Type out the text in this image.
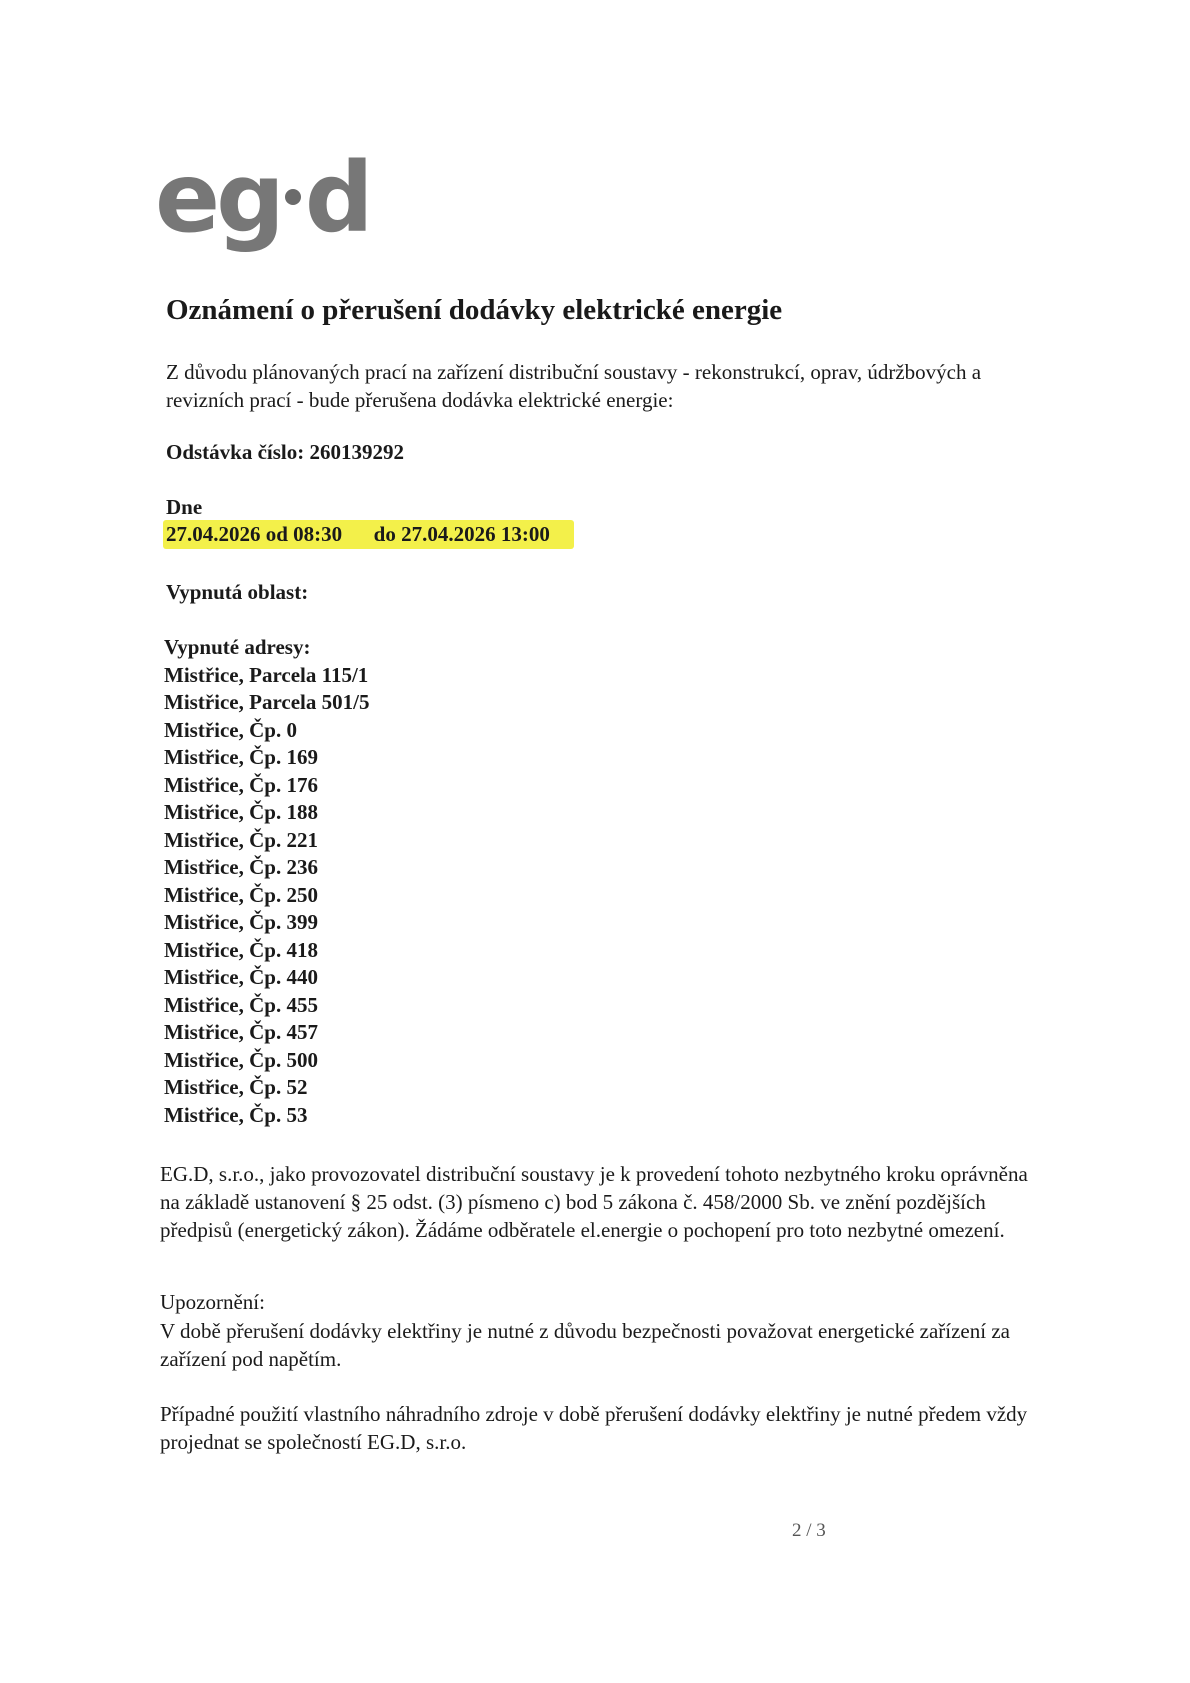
eg d
Oznámení o přerušení dodávky elektrické energie

Z důvodu plánovaných prací na zařízení distribuční soustavy - rekonstrukcí, oprav, údržbových a revizních prací - bude přerušena dodávka elektrické energie:

Odstávka číslo: 260139292

Dne

27.04.2026 od 08:30      do 27.04.2026 13:00

Vypnutá oblast:

Vypnuté adresy:
Mistřice, Parcela 115/1
Mistřice, Parcela 501/5
Mistřice, Čp. 0
Mistřice, Čp. 169
Mistřice, Čp. 176
Mistřice, Čp. 188
Mistřice, Čp. 221
Mistřice, Čp. 236
Mistřice, Čp. 250
Mistřice, Čp. 399
Mistřice, Čp. 418
Mistřice, Čp. 440
Mistřice, Čp. 455
Mistřice, Čp. 457
Mistřice, Čp. 500
Mistřice, Čp. 52
Mistřice, Čp. 53

EG.D, s.r.o., jako provozovatel distribuční soustavy je k provedení tohoto nezbytného kroku oprávněna na základě ustanovení § 25 odst. (3) písmeno c) bod 5 zákona č. 458/2000 Sb. ve znění pozdějších předpisů (energetický zákon). Žádáme odběratele el.energie o pochopení pro toto nezbytné omezení.

Upozornění:

V době přerušení dodávky elektřiny je nutné z důvodu bezpečnosti považovat energetické zařízení za zařízení pod napětím.

Případné použití vlastního náhradního zdroje v době přerušení dodávky elektřiny je nutné předem vždy projednat se společností EG.D, s.r.o.

2 / 3
